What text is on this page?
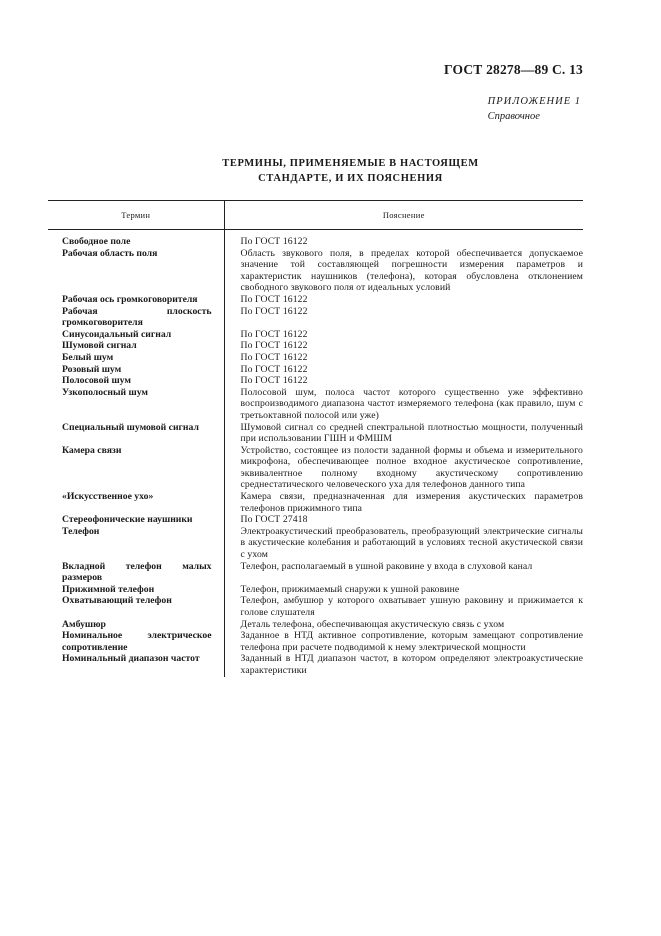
ГОСТ 28278—89 С. 13
ПРИЛОЖЕНИЕ 1
Справочное
ТЕРМИНЫ, ПРИМЕНЯЕМЫЕ В НАСТОЯЩЕМ
СТАНДАРТЕ, И ИХ ПОЯСНЕНИЯ
Термин	Пояснение
Свободное поле	По ГОСТ 16122
Рабочая область поля	Область звукового поля, в пределах которой обеспечивается допускаемое значение той составляющей погрешности измерения параметров и характеристик наушников (телефона), которая обусловлена отклонением свободного звукового поля от идеальных условий
Рабочая ось громкоговорителя	По ГОСТ 16122
Рабочая плоскость громкоговорителя	По ГОСТ 16122
Синусоидальный сигнал	По ГОСТ 16122
Шумовой сигнал	По ГОСТ 16122
Белый шум	По ГОСТ 16122
Розовый шум	По ГОСТ 16122
Полосовой шум	По ГОСТ 16122
Узкополосный шум	Полосовой шум, полоса частот которого существенно уже эффективно воспроизводимого диапазона частот измеряемого телефона (как правило, шум с третьоктавной полосой или уже)
Специальный шумовой сигнал	Шумовой сигнал со средней спектральной плотностью мощности, полученный при использовании ГШН и ФМШМ
Камера связи	Устройство, состоящее из полости заданной формы и объема и измерительного микрофона, обеспечивающее полное входное акустическое сопротивление, эквивалентное полному входному акустическому сопротивлению среднестатического человеческого уха для телефонов данного типа
«Искусственное ухо»	Камера связи, предназначенная для измерения акустических параметров телефонов прижимного типа
Стереофонические наушники	По ГОСТ 27418
Телефон	Электроакустический преобразователь, преобразующий электрические сигналы в акустические колебания и работающий в условиях тесной акустической связи с ухом
Вкладной телефон малых размеров	Телефон, располагаемый в ушной раковине у входа в слуховой канал
Прижимной телефон	Телефон, прижимаемый снаружи к ушной раковине
Охватывающий телефон	Телефон, амбушюр у которого охватывает ушную раковину и прижимается к голове слушателя
Амбушюр	Деталь телефона, обеспечивающая акустическую связь с ухом
Номинальное электрическое сопротивление	Заданное в НТД активное сопротивление, которым замещают сопротивление телефона при расчете подводимой к нему электрической мощности
Номинальный диапазон частот	Заданный в НТД диапазон частот, в котором определяют электроакустические характеристики
